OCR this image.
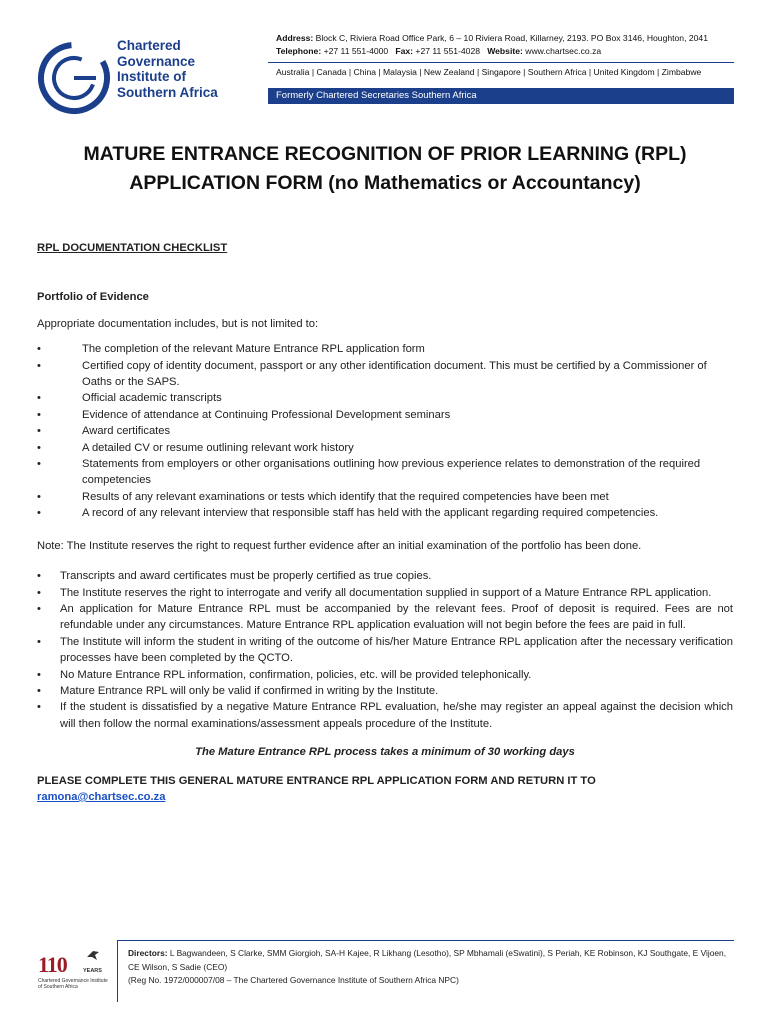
Chartered
Governance
Institute of
Southern Africa
Address: Block C, Riviera Road Office Park, 6 – 10 Riviera Road, Killarney, 2193. PO Box 3146, Houghton, 2041
Telephone: +27 11 551-4000 Fax: +27 11 551-4028 Website: www.chartsec.co.za
Australia | Canada | China | Malaysia | New Zealand | Singapore | Southern Africa | United Kingdom | Zimbabwe
Formerly Chartered Secretaries Southern Africa
MATURE ENTRANCE RECOGNITION OF PRIOR LEARNING (RPL)
APPLICATION FORM (no Mathematics or Accountancy)
RPL DOCUMENTATION CHECKLIST
Portfolio of Evidence

Appropriate documentation includes, but is not limited to:

• The completion of the relevant Mature Entrance RPL application form
• Certified copy of identity document, passport or any other identification document. This must be certified by a Commissioner of Oaths or the SAPS.
• Official academic transcripts
• Evidence of attendance at Continuing Professional Development seminars
• Award certificates
• A detailed CV or resume outlining relevant work history
• Statements from employers or other organisations outlining how previous experience relates to demonstration of the required competencies
• Results of any relevant examinations or tests which identify that the required competencies have been met
• A record of any relevant interview that responsible staff has held with the applicant regarding required competencies.

Note: The Institute reserves the right to request further evidence after an initial examination of the portfolio has been done.

• Transcripts and award certificates must be properly certified as true copies.
• The Institute reserves the right to interrogate and verify all documentation supplied in support of a Mature Entrance RPL application.
• An application for Mature Entrance RPL must be accompanied by the relevant fees. Proof of deposit is required. Fees are not refundable under any circumstances. Mature Entrance RPL application evaluation will not begin before the fees are paid in full.
• The Institute will inform the student in writing of the outcome of his/her Mature Entrance RPL application after the necessary verification processes have been completed by the QCTO.
• No Mature Entrance RPL information, confirmation, policies, etc. will be provided telephonically.
• Mature Entrance RPL will only be valid if confirmed in writing by the Institute.
• If the student is dissatisfied by a negative Mature Entrance RPL evaluation, he/she may register an appeal against the decision which will then follow the normal examinations/assessment appeals procedure of the Institute.

The Mature Entrance RPL process takes a minimum of 30 working days

PLEASE COMPLETE THIS GENERAL MATURE ENTRANCE RPL APPLICATION FORM AND RETURN IT TO
ramona@chartsec.co.za

110	YEARS
Chartered Governance Institute of Southern Africa
Directors: L Bagwandeen, S Clarke, SMM Giorgioh, SA-H Kajee, R Likhang (Lesotho), SP Mbhamali (eSwatini), S Periah, KE Robinson, KJ Southgate, E Vijoen, CE Wilson, S Sadie (CEO)
(Reg No. 1972/000007/08 – The Chartered Governance Institute of Southern Africa NPC)
